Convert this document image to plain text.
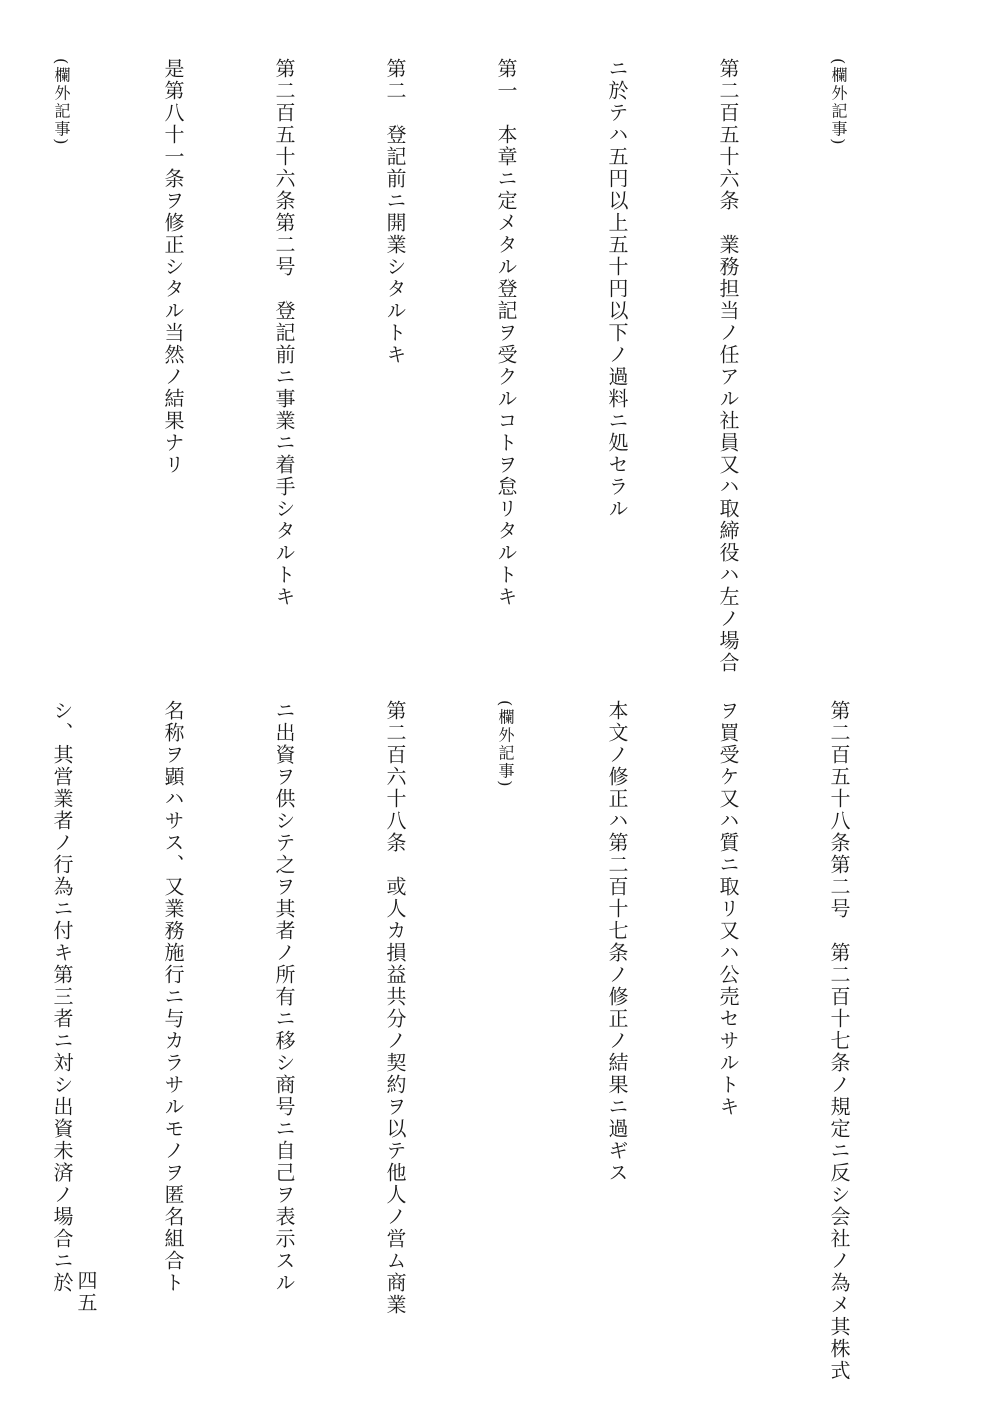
(欄外記事)

第二百五十六条　業務担当ノ任アル社員又ハ取締役ハ左ノ場合

ニ於テハ五円以上五十円以下ノ過料ニ処セラル

第一　本章ニ定メタル登記ヲ受クルコトヲ怠リタルトキ

第二　登記前ニ開業シタルトキ

第二百五十六条第二号　登記前ニ事業ニ着手シタルトキ

是第八十一条ヲ修正シタル当然ノ結果ナリ

(欄外記事)

第二百五十八条第二号　第二百十七条ノ規定ニ反シ会社ノ為メ其株式

ヲ買受ケ又ハ質ニ取リ又ハ公売セサルトキ

本文ノ修正ハ第二百十七条ノ修正ノ結果ニ過ギス

(欄外記事)

第二百六十八条　或人カ損益共分ノ契約ヲ以テ他人ノ営ム商業

ニ出資ヲ供シテ之ヲ其者ノ所有ニ移シ商号ニ自己ヲ表示スル

名称ヲ顕ハサス、又業務施行ニ与カラサルモノヲ匿名組合ト

シ、其営業者ノ行為ニ付キ第三者ニ対シ出資未済ノ場合ニ於

四五
